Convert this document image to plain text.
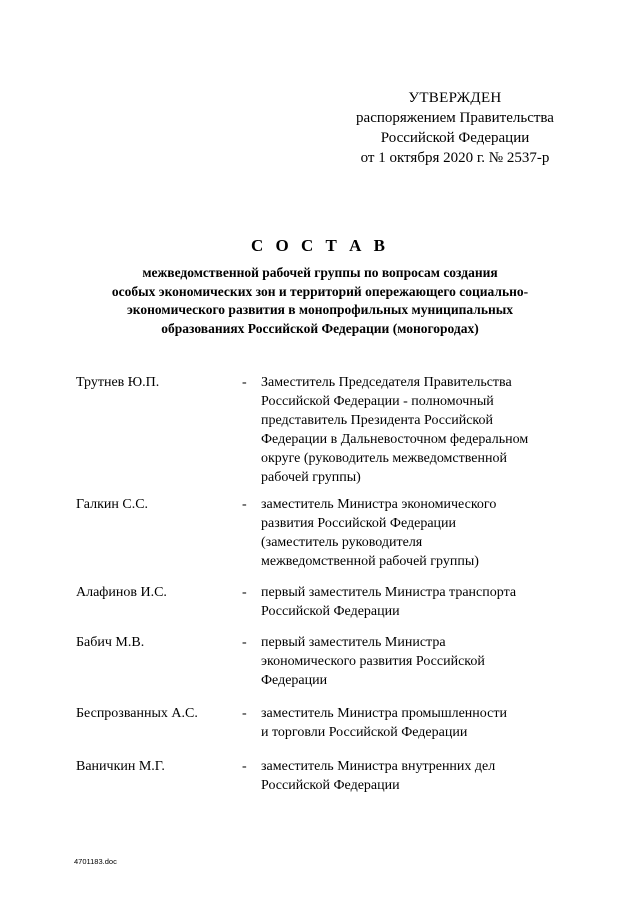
УТВЕРЖДЕН
распоряжением Правительства
Российской Федерации
от 1 октября 2020 г. № 2537-р
С О С Т А В
межведомственной рабочей группы по вопросам создания
особых экономических зон и территорий опережающего социально-
экономического развития в монопрофильных муниципальных
образованиях Российской Федерации (моногородах)
Трутнев Ю.П.	- Заместитель Председателя Правительства
Российской Федерации - полномочный
представитель Президента Российской
Федерации в Дальневосточном федеральном
округе (руководитель межведомственной
рабочей группы)
Галкин С.С.	- заместитель Министра экономического
развития Российской Федерации
(заместитель руководителя
межведомственной рабочей группы)
Алафинов И.С.	- первый заместитель Министра транспорта
Российской Федерации
Бабич М.В.	- первый заместитель Министра
экономического развития Российской
Федерации
Беспрозванных А.С.	- заместитель Министра промышленности
и торговли Российской Федерации
Ваничкин М.Г.	- заместитель Министра внутренних дел
Российской Федерации
4701183.doc
